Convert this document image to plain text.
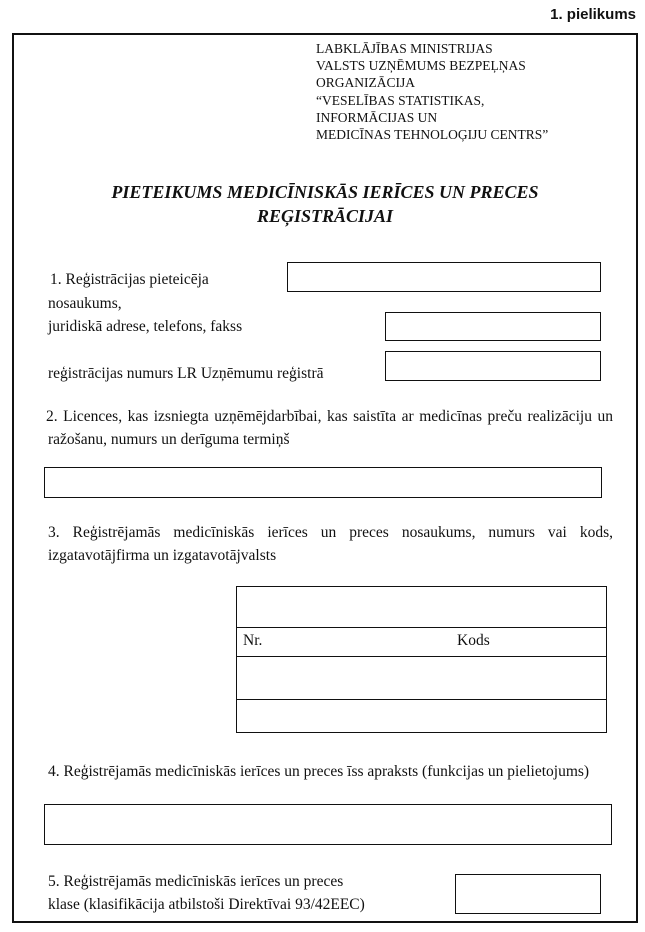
1. pielikums
LABKLĀJĪBAS MINISTRIJAS
VALSTS UZŅĒMUMS BEZPEĻŅAS
ORGANIZĀCIJA
“VESELĪBAS STATISTIKAS,
INFORMĀCIJAS UN
MEDICĪNAS TEHNOLOĢIJU CENTRS”
PIETEIKUMS MEDICĪNISKĀS IERĪCES UN PRECES
REĢISTRĀCIJAI
1. Reģistrācijas pieteicēja
nosaukums,
juridiskā adrese, telefons, fakss
reģistrācijas numurs LR Uzņēmumu reģistrā
2. Licences, kas izsniegta uzņēmējdarbībai, kas saistīta ar medicīnas preču realizāciju un ražošanu, numurs un derīguma termiņš
3. Reģistrējamās medicīniskās ierīces un preces nosaukums, numurs vai kods, izgatavotājfirma un izgatavotājvalsts
Nr.	Kods
4. Reģistrējamās medicīniskās ierīces un preces īss apraksts (funkcijas un pielietojums)
5. Reģistrējamās medicīniskās ierīces un preces
klase (klasifikācija atbilstoši Direktīvai 93/42EEC)
